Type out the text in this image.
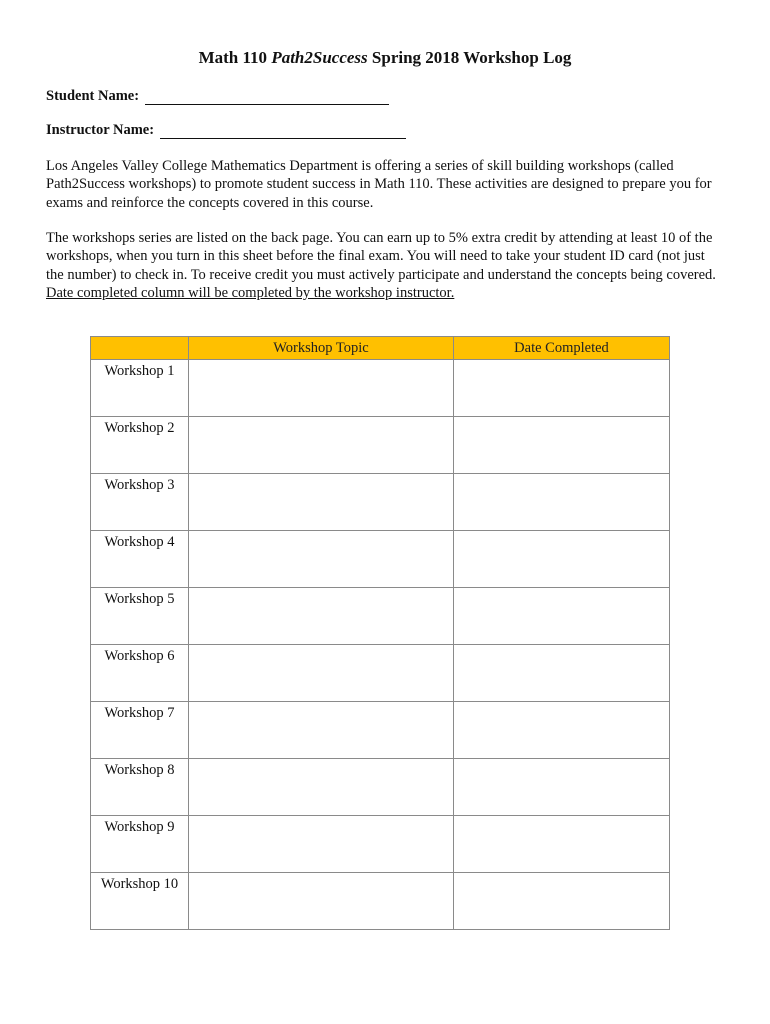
Math 110 Path2Success Spring 2018 Workshop Log
Student Name:
Instructor Name:

Los Angeles Valley College Mathematics Department is offering a series of skill building workshops (called Path2Success workshops) to promote student success in Math 110. These activities are designed to prepare you for exams and reinforce the concepts covered in this course.

The workshops series are listed on the back page. You can earn up to 5% extra credit by attending at least 10 of the workshops, when you turn in this sheet before the final exam. You will need to take your student ID card (not just the number) to check in. To receive credit you must actively participate and understand the concepts being covered. Date completed column will be completed by the workshop instructor.

	Workshop Topic	Date Completed
Workshop 1		
Workshop 2		
Workshop 3		
Workshop 4		
Workshop 5		
Workshop 6		
Workshop 7		
Workshop 8		
Workshop 9		
Workshop 10		
